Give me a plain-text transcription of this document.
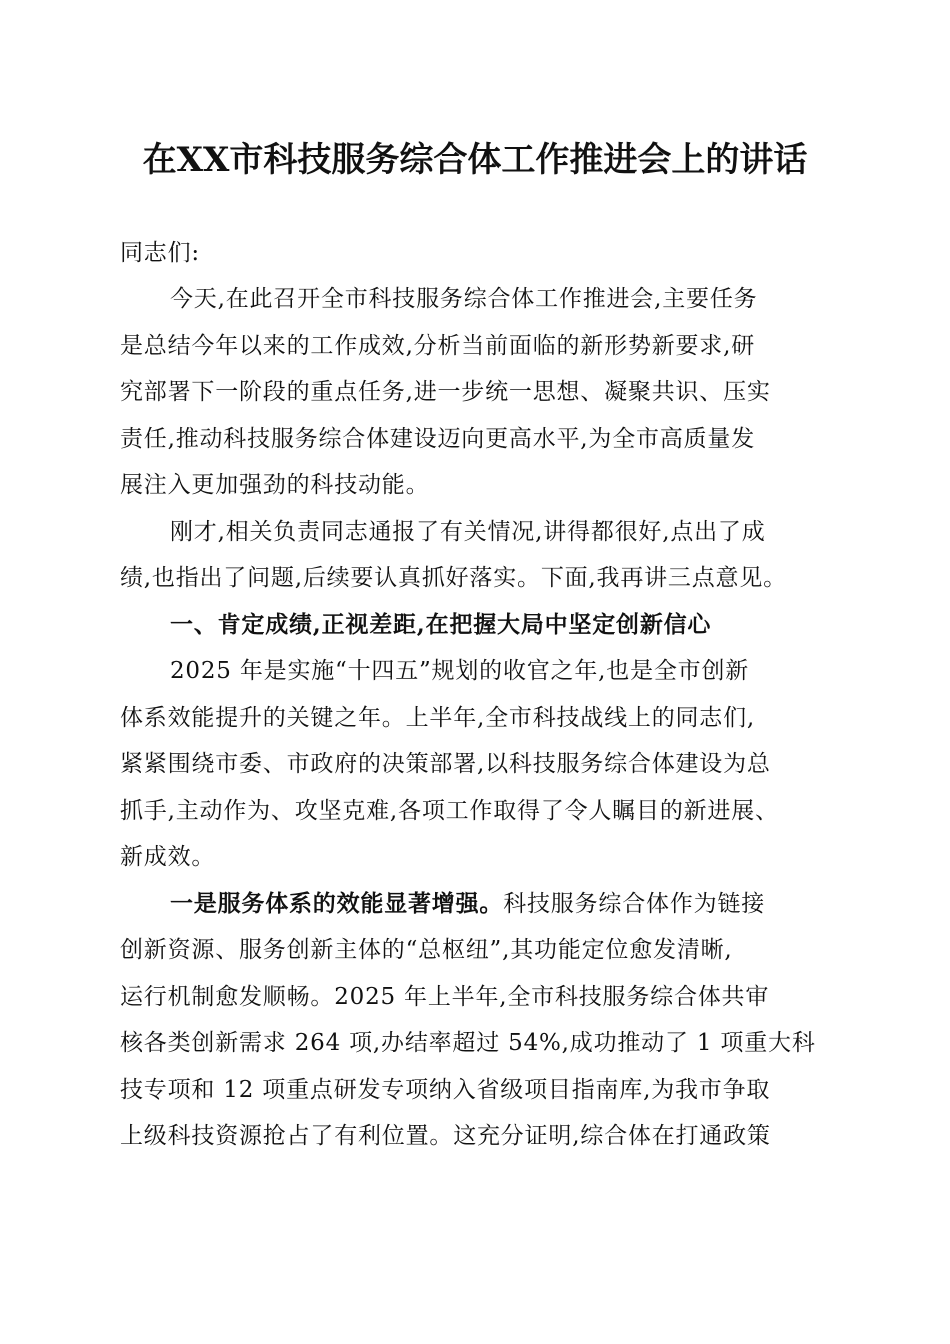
在XX市科技服务综合体工作推进会上的讲话
同志们:
今天,在此召开全市科技服务综合体工作推进会,主要任务
是总结今年以来的工作成效,分析当前面临的新形势新要求,研
究部署下一阶段的重点任务,进一步统一思想、凝聚共识、压实
责任,推动科技服务综合体建设迈向更高水平,为全市高质量发
展注入更加强劲的科技动能。
刚才,相关负责同志通报了有关情况,讲得都很好,点出了成
绩,也指出了问题,后续要认真抓好落实。下面,我再讲三点意见。
一、肯定成绩,正视差距,在把握大局中坚定创新信心
2025 年是实施“十四五”规划的收官之年,也是全市创新
体系效能提升的关键之年。上半年,全市科技战线上的同志们,
紧紧围绕市委、市政府的决策部署,以科技服务综合体建设为总
抓手,主动作为、攻坚克难,各项工作取得了令人瞩目的新进展、
新成效。
一是服务体系的效能显著增强。科技服务综合体作为链接
创新资源、服务创新主体的“总枢纽”,其功能定位愈发清晰,
运行机制愈发顺畅。2025 年上半年,全市科技服务综合体共审
核各类创新需求 264 项,办结率超过 54%,成功推动了 1 项重大科
技专项和 12 项重点研发专项纳入省级项目指南库,为我市争取
上级科技资源抢占了有利位置。这充分证明,综合体在打通政策
